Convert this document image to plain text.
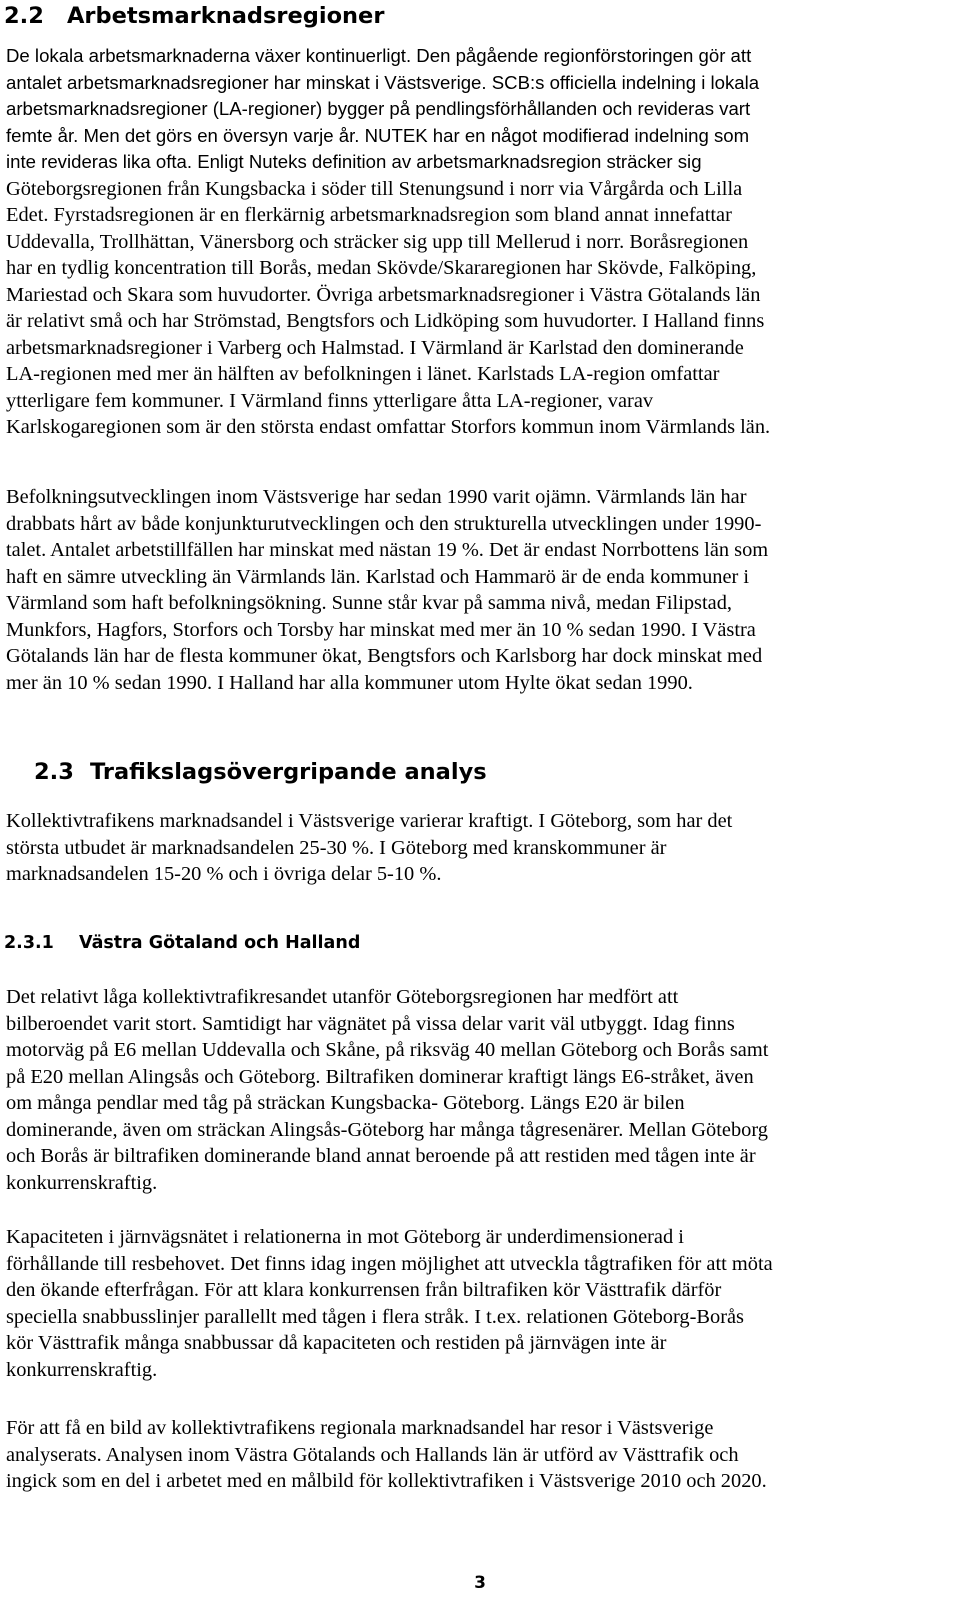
2.2 Arbetsmarknadsregioner

De lokala arbetsmarknaderna växer kontinuerligt. Den pågående regionförstoringen gör att
antalet arbetsmarknadsregioner har minskat i Västsverige. SCB:s officiella indelning i lokala
arbetsmarknadsregioner (LA-regioner) bygger på pendlingsförhållanden och revideras vart
femte år. Men det görs en översyn varje år. NUTEK har en något modifierad indelning som
inte revideras lika ofta. Enligt Nuteks definition av arbetsmarknadsregion sträcker sig
Göteborgsregionen från Kungsbacka i söder till Stenungsund i norr via Vårgårda och Lilla
Edet. Fyrstadsregionen är en flerkärnig arbetsmarknadsregion som bland annat innefattar
Uddevalla, Trollhättan, Vänersborg och sträcker sig upp till Mellerud i norr. Boråsregionen
har en tydlig koncentration till Borås, medan Skövde/Skararegionen har Skövde, Falköping,
Mariestad och Skara som huvudorter. Övriga arbetsmarknadsregioner i Västra Götalands län
är relativt små och har Strömstad, Bengtsfors och Lidköping som huvudorter. I Halland finns
arbetsmarknadsregioner i Varberg och Halmstad. I Värmland är Karlstad den dominerande
LA-regionen med mer än hälften av befolkningen i länet. Karlstads LA-region omfattar
ytterligare fem kommuner. I Värmland finns ytterligare åtta LA-regioner, varav
Karlskogaregionen som är den största endast omfattar Storfors kommun inom Värmlands län.

Befolkningsutvecklingen inom Västsverige har sedan 1990 varit ojämn. Värmlands län har
drabbats hårt av både konjunkturutvecklingen och den strukturella utvecklingen under 1990-
talet. Antalet arbetstillfällen har minskat med nästan 19 %. Det är endast Norrbottens län som
haft en sämre utveckling än Värmlands län. Karlstad och Hammarö är de enda kommuner i
Värmland som haft befolkningsökning. Sunne står kvar på samma nivå, medan Filipstad,
Munkfors, Hagfors, Storfors och Torsby har minskat med mer än 10 % sedan 1990. I Västra
Götalands län har de flesta kommuner ökat, Bengtsfors och Karlsborg har dock minskat med
mer än 10 % sedan 1990. I Halland har alla kommuner utom Hylte ökat sedan 1990.

2.3 Trafikslagsövergripande analys

Kollektivtrafikens marknadsandel i Västsverige varierar kraftigt. I Göteborg, som har det
största utbudet är marknadsandelen 25-30 %. I Göteborg med kranskommuner är
marknadsandelen 15-20 % och i övriga delar 5-10 %.

2.3.1 Västra Götaland och Halland

Det relativt låga kollektivtrafikresandet utanför Göteborgsregionen har medfört att
bilberoendet varit stort. Samtidigt har vägnätet på vissa delar varit väl utbyggt. Idag finns
motorväg på E6 mellan Uddevalla och Skåne, på riksväg 40 mellan Göteborg och Borås samt
på E20 mellan Alingsås och Göteborg. Biltrafiken dominerar kraftigt längs E6-stråket, även
om många pendlar med tåg på sträckan Kungsbacka- Göteborg. Längs E20 är bilen
dominerande, även om sträckan Alingsås-Göteborg har många tågresenärer. Mellan Göteborg
och Borås är biltrafiken dominerande bland annat beroende på att restiden med tågen inte är
konkurrenskraftig.

Kapaciteten i järnvägsnätet i relationerna in mot Göteborg är underdimensionerad i
förhållande till resbehovet. Det finns idag ingen möjlighet att utveckla tågtrafiken för att möta
den ökande efterfrågan. För att klara konkurrensen från biltrafiken kör Västtrafik därför
speciella snabbusslinjer parallellt med tågen i flera stråk. I t.ex. relationen Göteborg-Borås
kör Västtrafik många snabbussar då kapaciteten och restiden på järnvägen inte är
konkurrenskraftig.

För att få en bild av kollektivtrafikens regionala marknadsandel har resor i Västsverige
analyserats. Analysen inom Västra Götalands och Hallands län är utförd av Västtrafik och
ingick som en del i arbetet med en målbild för kollektivtrafiken i Västsverige 2010 och 2020.

3
